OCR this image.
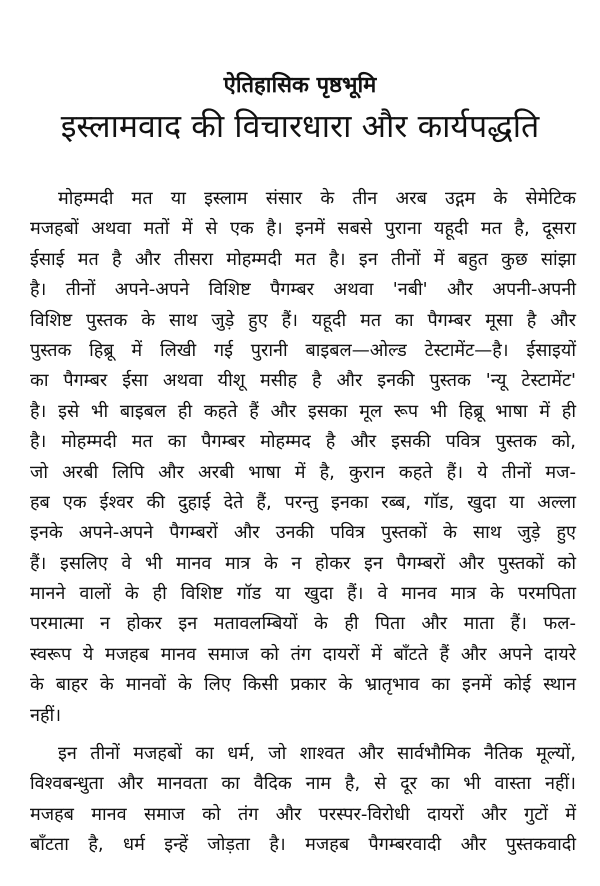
ऐतिहासिक पृष्ठभूमि
इस्लामवाद की विचारधारा और कार्यपद्धति
मोहम्मदी मत या इस्लाम संसार के तीन अरब उद्गम के सेमेटिक
मजहबों अथवा मतों में से एक है। इनमें सबसे पुराना यहूदी मत है, दूसरा
ईसाई मत है और तीसरा मोहम्मदी मत है। इन तीनों में बहुत कुछ सांझा
है। तीनों अपने-अपने विशिष्ट पैगम्बर अथवा 'नबी' और अपनी-अपनी
विशिष्ट पुस्तक के साथ जुड़े हुए हैं। यहूदी मत का पैगम्बर मूसा है और
पुस्तक हिब्रू में लिखी गई पुरानी बाइबल—ओल्ड टेस्टामेंट—है। ईसाइयों
का पैगम्बर ईसा अथवा यीशू मसीह है और इनकी पुस्तक 'न्यू टेस्टामेंट'
है। इसे भी बाइबल ही कहते हैं और इसका मूल रूप भी हिब्रू भाषा में ही
है। मोहम्मदी मत का पैगम्बर मोहम्मद है और इसकी पवित्र पुस्तक को,
जो अरबी लिपि और अरबी भाषा में है, कुरान कहते हैं। ये तीनों मज-
हब एक ईश्वर की दुहाई देते हैं, परन्तु इनका रब्ब, गॉड, खुदा या अल्ला
इनके अपने-अपने पैगम्बरों और उनकी पवित्र पुस्तकों के साथ जुड़े हुए
हैं। इसलिए वे भी मानव मात्र के न होकर इन पैगम्बरों और पुस्तकों को
मानने वालों के ही विशिष्ट गॉड या खुदा हैं। वे मानव मात्र के परमपिता
परमात्मा न होकर इन मतावलम्बियों के ही पिता और माता हैं। फल-
स्वरूप ये मजहब मानव समाज को तंग दायरों में बाँटते हैं और अपने दायरे
के बाहर के मानवों के लिए किसी प्रकार के भ्रातृभाव का इनमें कोई स्थान
नहीं।
इन तीनों मजहबों का धर्म, जो शाश्वत और सार्वभौमिक नैतिक मूल्यों,
विश्वबन्धुता और मानवता का वैदिक नाम है, से दूर का भी वास्ता नहीं।
मजहब मानव समाज को तंग और परस्पर-विरोधी दायरों और गुटों में
बाँटता है, धर्म इन्हें जोड़ता है। मजहब पैगम्बरवादी और पुस्तकवादी
